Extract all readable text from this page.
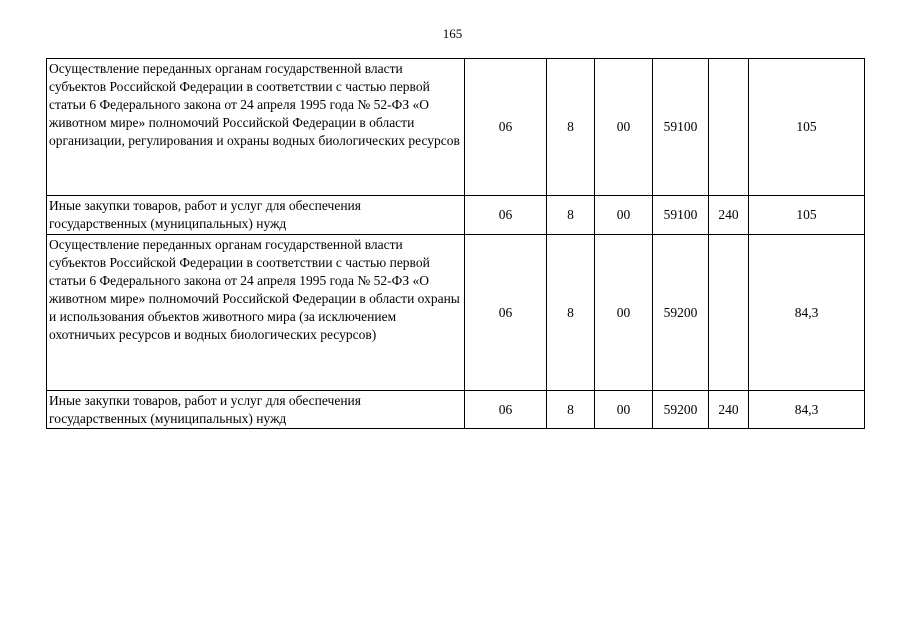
165
Осуществление переданных органам государственной власти субъектов Российской Федерации в соответствии с частью первой статьи 6 Федерального закона от 24 апреля 1995 года № 52-ФЗ «О животном мире» полномочий Российской Федерации в области организации, регулирования и охраны водных биологических ресурсов	06	8	00	59100		105
Иные закупки товаров, работ и услуг для обеспечения государственных (муниципальных) нужд	06	8	00	59100	240	105
Осуществление переданных органам государственной власти субъектов Российской Федерации в соответствии с частью первой статьи 6 Федерального закона от 24 апреля 1995 года № 52-ФЗ «О животном мире» полномочий Российской Федерации в области охраны и использования объектов животного мира (за исключением охотничьих ресурсов и водных биологических ресурсов)	06	8	00	59200		84,3
Иные закупки товаров, работ и услуг для обеспечения государственных (муниципальных) нужд	06	8	00	59200	240	84,3
